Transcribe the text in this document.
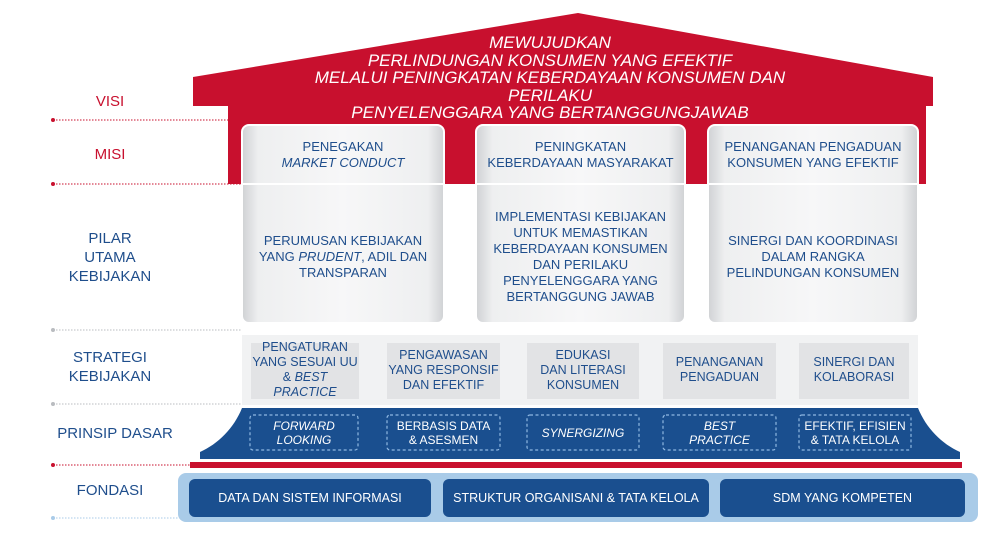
VISI
MISI
PILAR
UTAMA
KEBIJAKAN
STRATEGI
KEBIJAKAN
PRINSIP DASAR
FONDASI
MEWUJUDKAN
PERLINDUNGAN KONSUMEN YANG EFEKTIF
MELALUI PENINGKATAN KEBERDAYAAN KONSUMEN DAN PERILAKU
PENYELENGGARA YANG BERTANGGUNGJAWAB
PENEGAKAN
MARKET CONDUCT
PENINGKATAN
KEBERDAYAAN MASYARAKAT
PENANGANAN PENGADUAN
KONSUMEN YANG EFEKTIF
PERUMUSAN KEBIJAKAN
YANG PRUDENT, ADIL DAN
TRANSPARAN
IMPLEMENTASI KEBIJAKAN
UNTUK MEMASTIKAN
KEBERDAYAAN KONSUMEN
DAN PERILAKU
PENYELENGGARA YANG
BERTANGGUNG JAWAB
SINERGI DAN KOORDINASI
DALAM RANGKA
PELINDUNGAN KONSUMEN
PENGATURAN
YANG SESUAI UU
& BEST PRACTICE
PENGAWASAN
YANG RESPONSIF
DAN EFEKTIF
EDUKASI
DAN LITERASI
KONSUMEN
PENANGANAN
PENGADUAN
SINERGI DAN
KOLABORASI
FORWARD
LOOKING
BERBASIS DATA
& ASESMEN	SYNERGIZING	BEST
PRACTICE
EFEKTIF, EFISIEN
& TATA KELOLA
DATA DAN SISTEM INFORMASI	STRUKTUR ORGANISANI & TATA KELOLA	SDM YANG KOMPETEN
